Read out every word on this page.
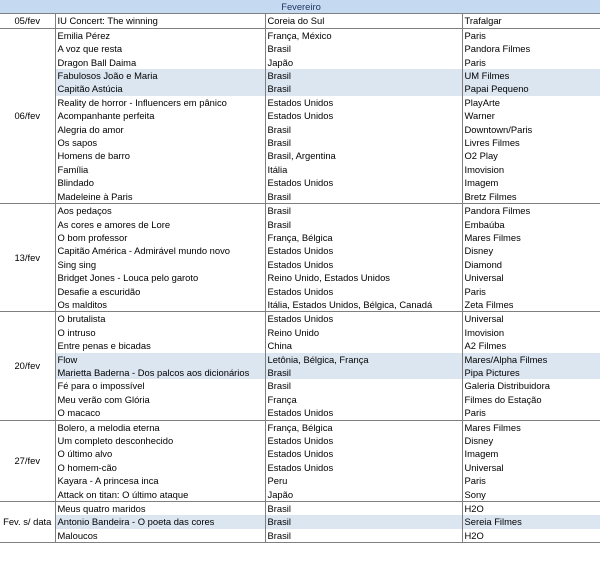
Fevereiro			
05/fev	IU Concert: The winning	Coreia do Sul	Trafalgar
06/fev	Emilia Pérez	França, México	Paris
	A voz que resta	Brasil	Pandora Filmes
	Dragon Ball Daima	Japão	Paris
	Fabulosos João e Maria	Brasil	UM Filmes
	Capitão Astúcia	Brasil	Papai Pequeno
	Reality de horror - Influencers em pânico	Estados Unidos	PlayArte
	Acompanhante perfeita	Estados Unidos	Warner
	Alegria do amor	Brasil	Downtown/Paris
	Os sapos	Brasil	Livres Filmes
	Homens de barro	Brasil, Argentina	O2 Play
	Família	Itália	Imovision
	Blindado	Estados Unidos	Imagem
	Madeleine à Paris	Brasil	Bretz Filmes
13/fev	Aos pedaços	Brasil	Pandora Filmes
	As cores e amores de Lore	Brasil	Embaúba
	O bom professor	França, Bélgica	Mares Filmes
	Capitão América - Admirável mundo novo	Estados Unidos	Disney
	Sing sing	Estados Unidos	Diamond
	Bridget Jones - Louca pelo garoto	Reino Unido, Estados Unidos	Universal
	Desafie a escuridão	Estados Unidos	Paris
	Os malditos	Itália, Estados Unidos, Bélgica, Canadá	Zeta Filmes
20/fev	O brutalista	Estados Unidos	Universal
	O intruso	Reino Unido	Imovision
	Entre penas e bicadas	China	A2 Filmes
	Flow	Letônia, Bélgica, França	Mares/Alpha Filmes
	Marietta Baderna - Dos palcos aos dicionários	Brasil	Pipa Pictures
	Fé para o impossível	Brasil	Galeria Distribuidora
	Meu verão com Glória	França	Filmes do Estação
	O macaco	Estados Unidos	Paris
27/fev	Bolero, a melodia eterna	França, Bélgica	Mares Filmes
	Um completo desconhecido	Estados Unidos	Disney
	O último alvo	Estados Unidos	Imagem
	O homem-cão	Estados Unidos	Universal
	Kayara - A princesa inca	Peru	Paris
	Attack on titan: O último ataque	Japão	Sony
Fev. s/ data	Meus quatro maridos	Brasil	H2O
	Antonio Bandeira - O poeta das cores	Brasil	Sereia Filmes
	Maloucos	Brasil	H2O
